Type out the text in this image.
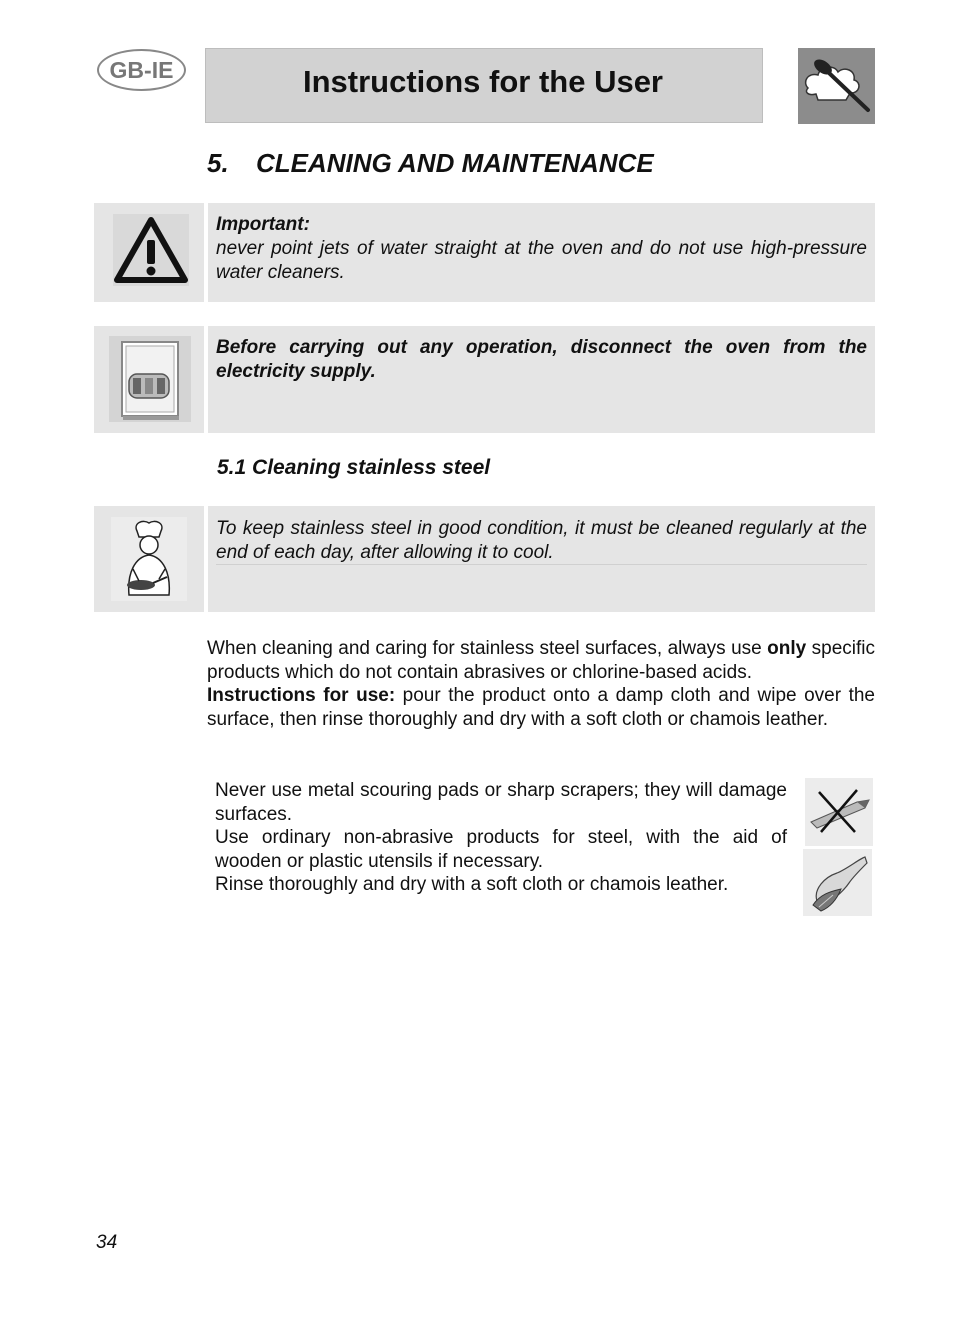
GB-IE	Instructions for the User
5. CLEANING AND MAINTENANCE

Important:

never point jets of water straight at the oven and do not use high-pressure water cleaners.

Before carrying out any operation, disconnect the oven from the electricity supply.

5.1 Cleaning stainless steel

To keep stainless steel in good condition, it must be cleaned regularly at the end of each day, after allowing it to cool.

When cleaning and caring for stainless steel surfaces, always use only specific products which do not contain abrasives or chlorine-based acids.

Instructions for use: pour the product onto a damp cloth and wipe over the surface, then rinse thoroughly and dry with a soft cloth or chamois leather.

Never use metal scouring pads or sharp scrapers; they will damage surfaces.

Use ordinary non-abrasive products for steel, with the aid of wooden or plastic utensils if necessary.

Rinse thoroughly and dry with a soft cloth or chamois leather.

34
